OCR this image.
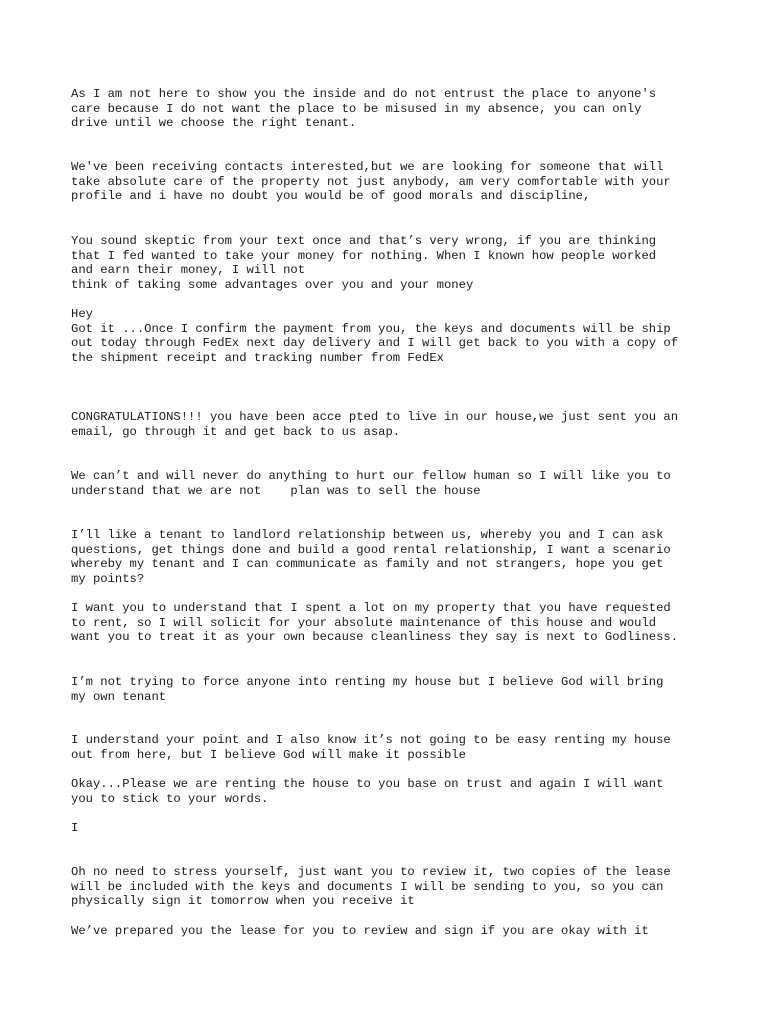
As I am not here to show you the inside and do not entrust the place to anyone's
care because I do not want the place to be misused in my absence, you can only
drive until we choose the right tenant.

We've been receiving contacts interested,but we are looking for someone that will
take absolute care of the property not just anybody, am very comfortable with your
profile and i have no doubt you would be of good morals and discipline,

You sound skeptic from your text once and that’s very wrong, if you are thinking
that I fed wanted to take your money for nothing. When I known how people worked
and earn their money, I will not
think of taking some advantages over you and your money

Hey
Got it ...Once I confirm the payment from you, the keys and documents will be ship
out today through FedEx next day delivery and I will get back to you with a copy of
the shipment receipt and tracking number from FedEx

CONGRATULATIONS!!! you have been acce pted to live in our house,we just sent you an
email, go through it and get back to us asap.

We can’t and will never do anything to hurt our fellow human so I will like you to
understand that we are not    plan was to sell the house

I’ll like a tenant to landlord relationship between us, whereby you and I can ask
questions, get things done and build a good rental relationship, I want a scenario
whereby my tenant and I can communicate as family and not strangers, hope you get
my points?

I want you to understand that I spent a lot on my property that you have requested
to rent, so I will solicit for your absolute maintenance of this house and would
want you to treat it as your own because cleanliness they say is next to Godliness.

I’m not trying to force anyone into renting my house but I believe God will bring
my own tenant

I understand your point and I also know it’s not going to be easy renting my house
out from here, but I believe God will make it possible

Okay...Please we are renting the house to you base on trust and again I will want
you to stick to your words.

I

Oh no need to stress yourself, just want you to review it, two copies of the lease
will be included with the keys and documents I will be sending to you, so you can
physically sign it tomorrow when you receive it

We’ve prepared you the lease for you to review and sign if you are okay with it
